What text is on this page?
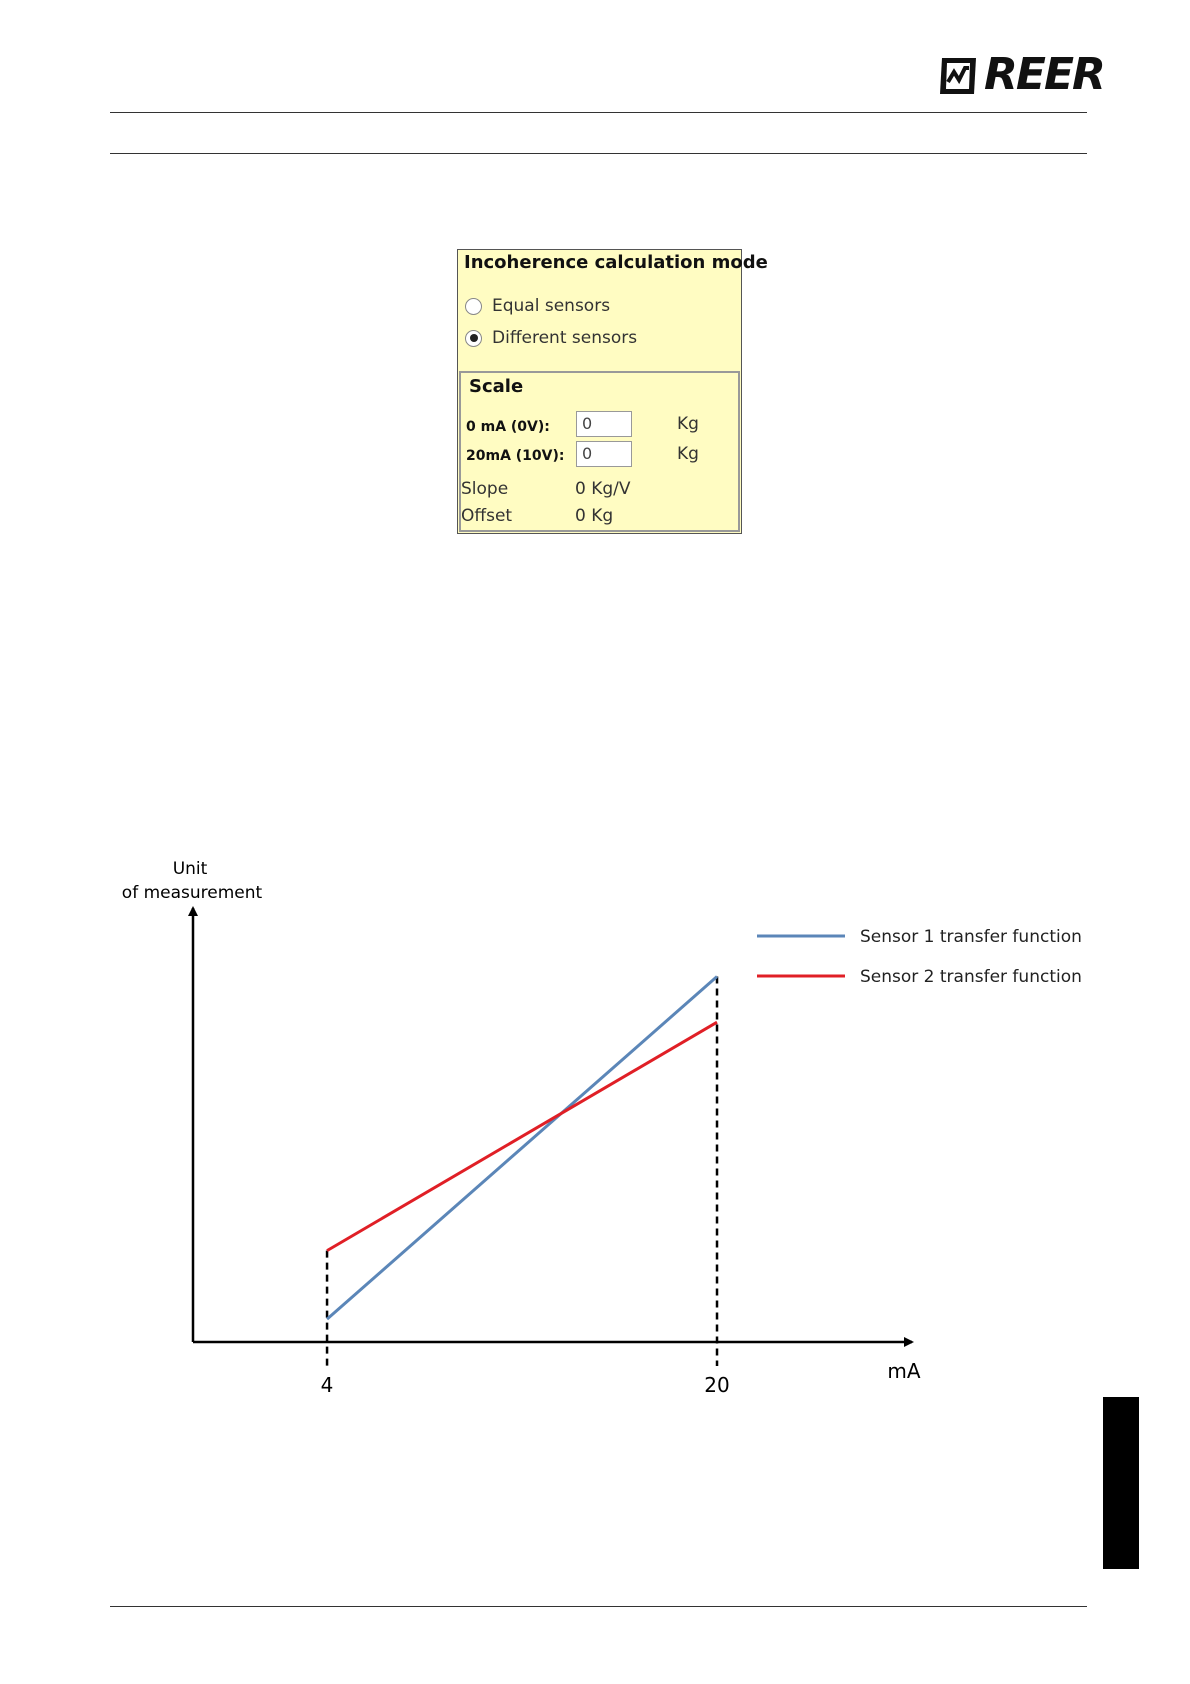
REER
Incoherence calculation mode
Equal sensors
Different sensors
Scale
0 mA (0V):	0	Kg
20mA (10V):	0	Kg
Slope	0 Kg/V
Offset	0 Kg
4	20
mA
Unit
of measurement
Sensor 1 transfer function
Sensor 2 transfer function
